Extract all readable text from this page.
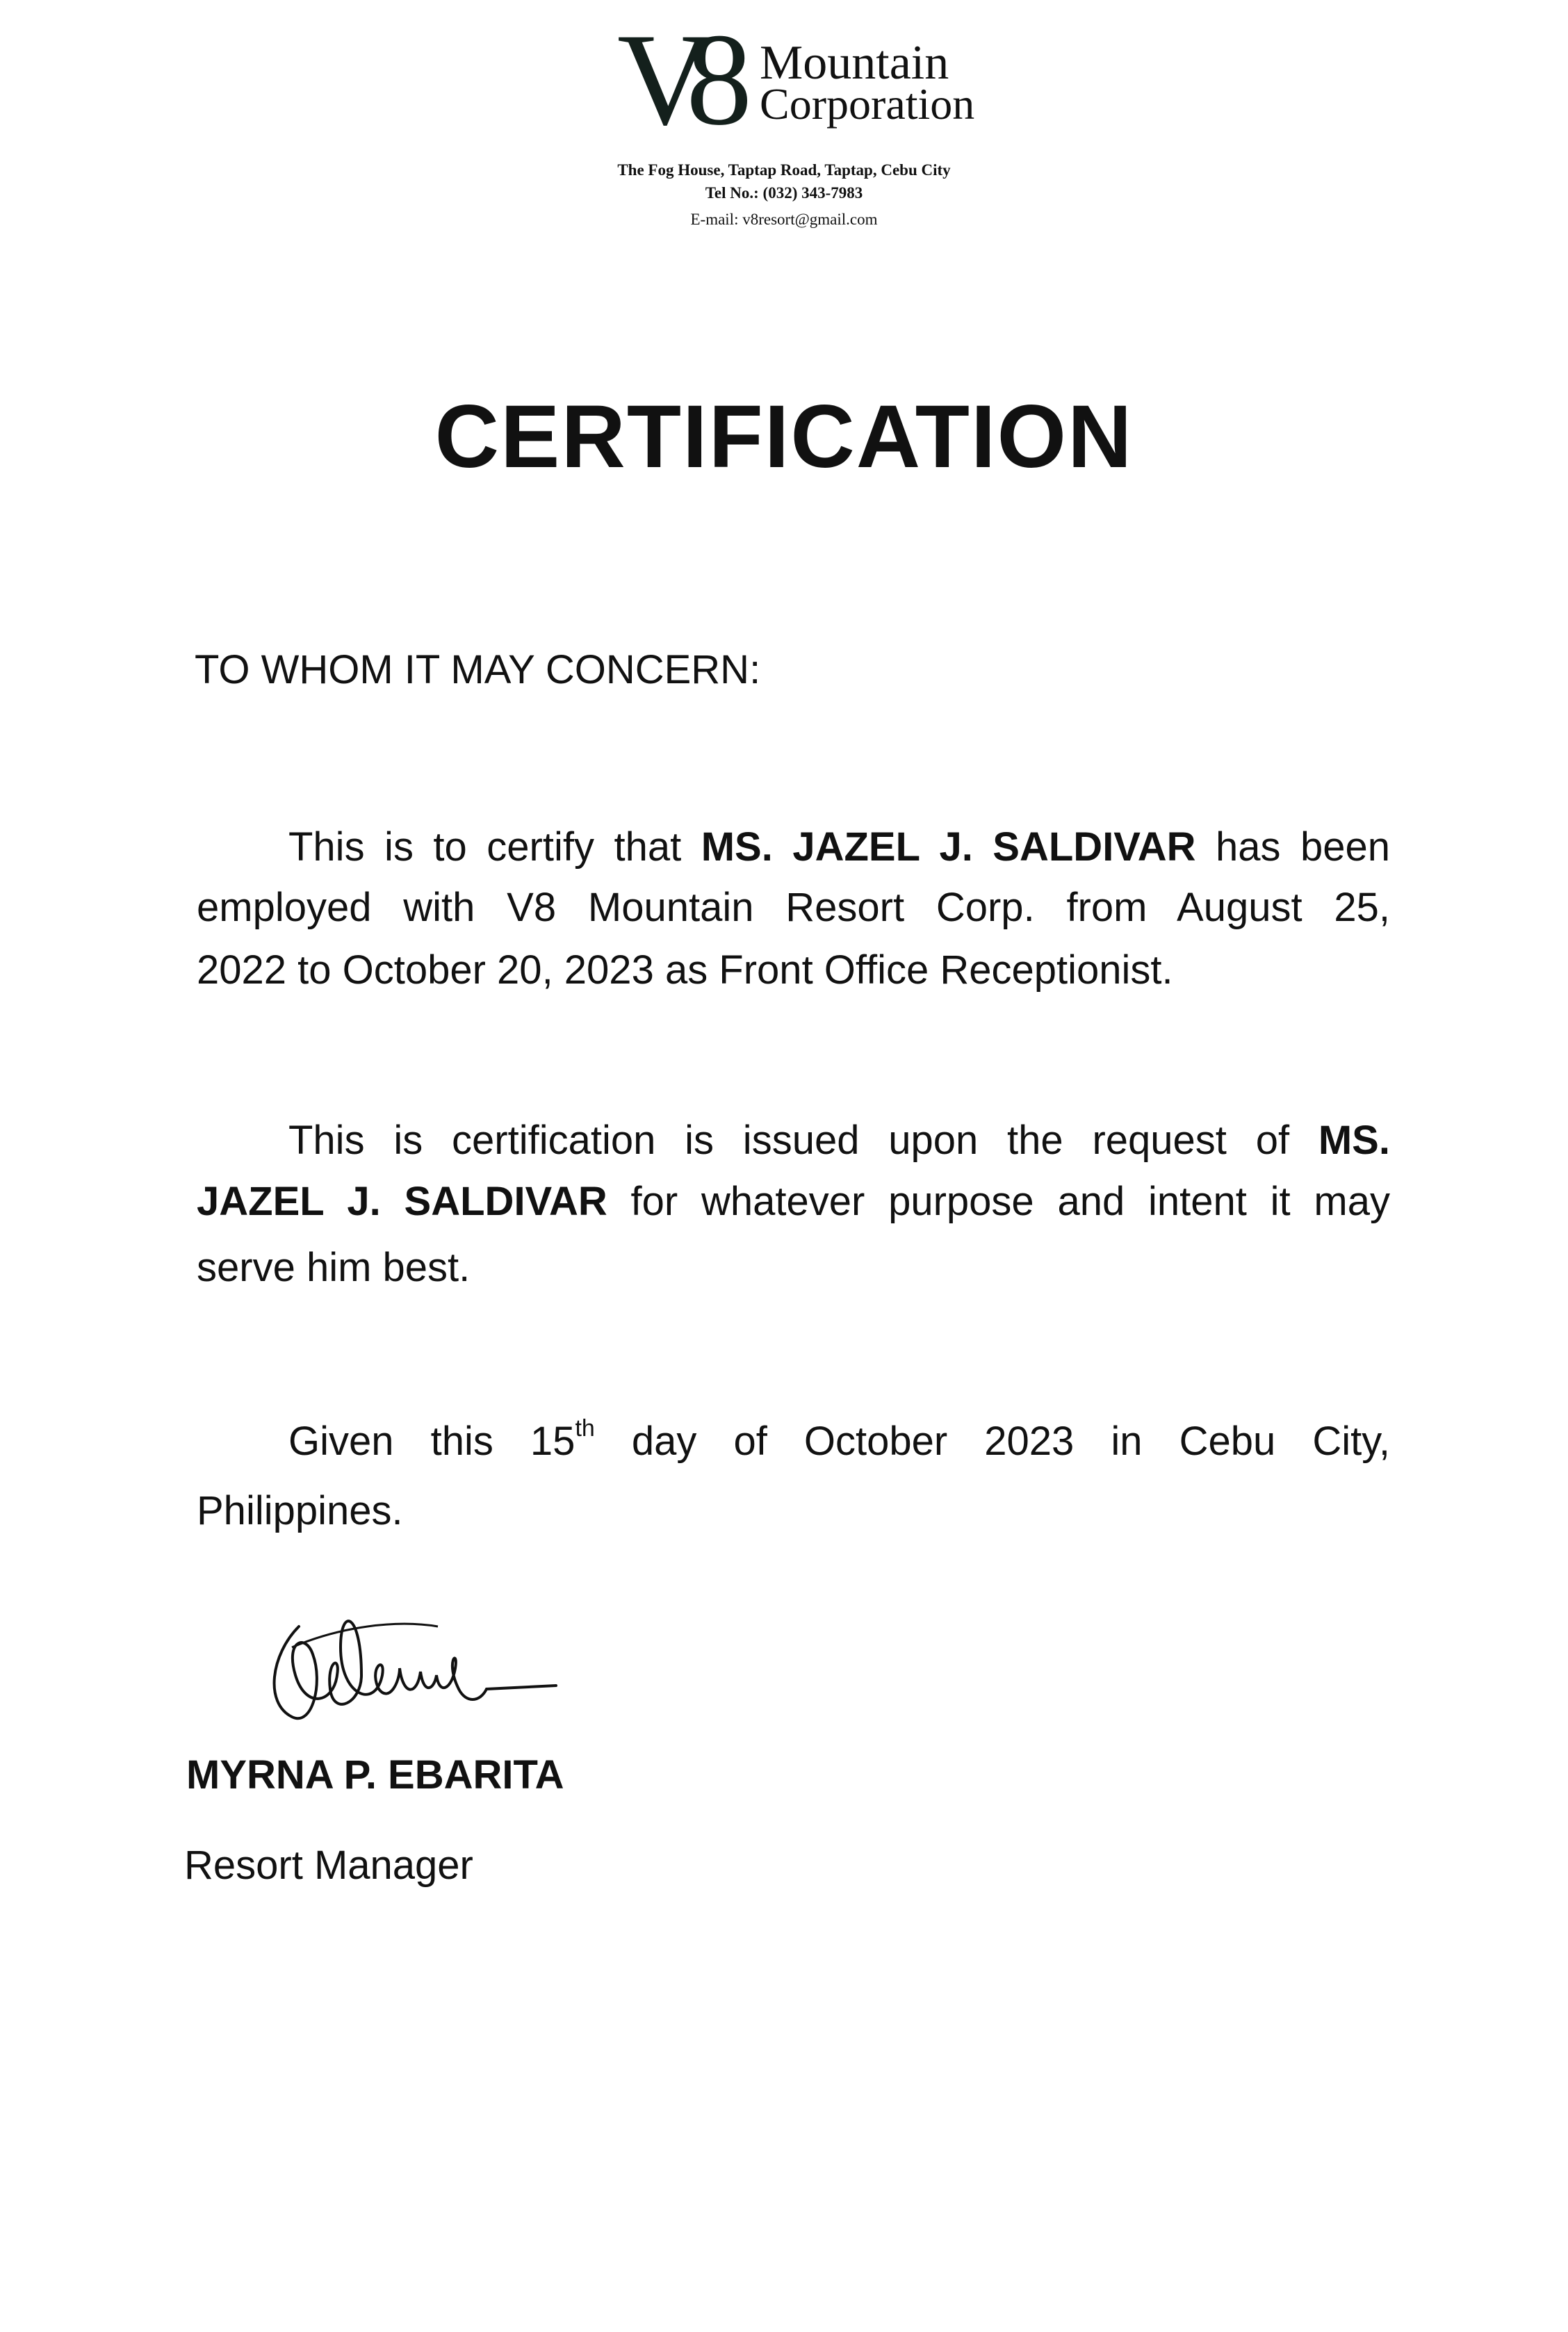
V8 Mountain
Corporation
The Fog House, Taptap Road, Taptap, Cebu City
Tel No.: (032) 343-7983
E-mail: v8resort@gmail.com
CERTIFICATION
TO WHOM IT MAY CONCERN:
This is to certify that MS. JAZEL J. SALDIVAR has been
employed with V8 Mountain Resort Corp. from August 25,
2022 to October 20, 2023 as Front Office Receptionist.
This is certification is issued upon the request of MS.
JAZEL J. SALDIVAR for whatever purpose and intent it may
serve him best.
Given this 15th day of October 2023 in Cebu City,
Philippines.
MYRNA P. EBARITA
Resort Manager
